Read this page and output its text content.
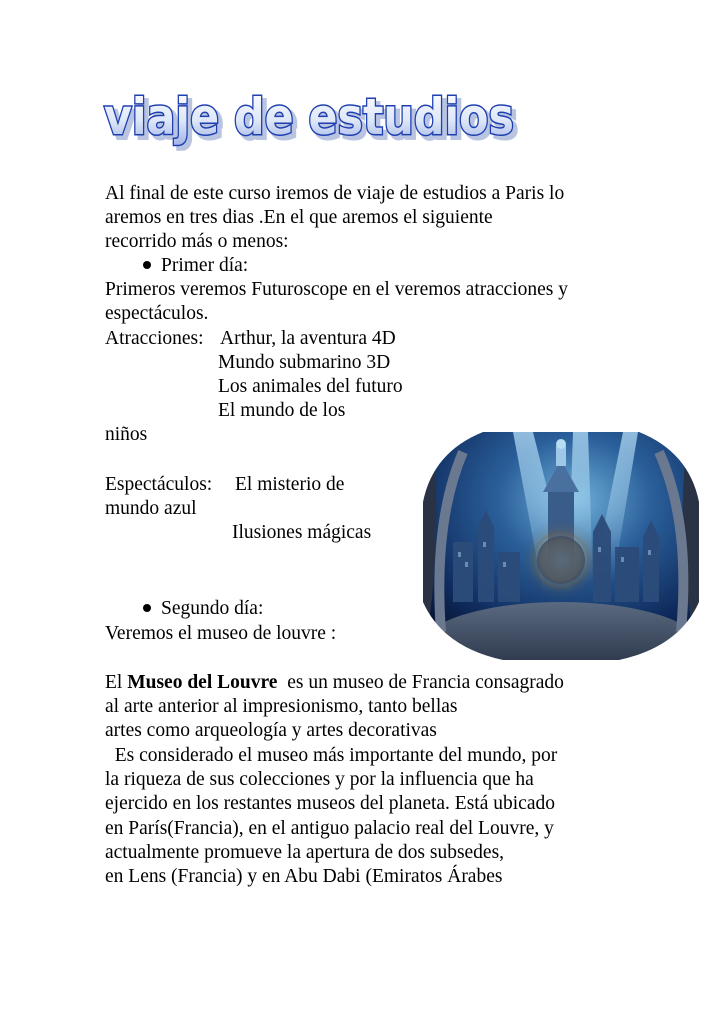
viaje de estudios
viaje de estudios
Al final de este curso iremos de viaje de estudios a Paris lo
aremos en tres dias .En el que aremos el siguiente
recorrido más o menos:
Primer día:
Primeros veremos Futuroscope en el veremos atracciones y
espectáculos.
Atracciones: Arthur, la aventura 4D
Mundo submarino 3D
Los animales del futuro
El mundo de los
niños
Espectáculos: El misterio de
mundo azul
Ilusiones mágicas
Segundo día:
Veremos el museo de louvre :
El Museo del Louvre  es un museo de Francia consagrado
al arte anterior al impresionismo, tanto bellas
artes como arqueología y artes decorativas
Es considerado el museo más importante del mundo, por
la riqueza de sus colecciones y por la influencia que ha
ejercido en los restantes museos del planeta. Está ubicado
en París(Francia), en el antiguo palacio real del Louvre, y
actualmente promueve la apertura de dos subsedes,
en Lens (Francia) y en Abu Dabi (Emiratos Árabes
